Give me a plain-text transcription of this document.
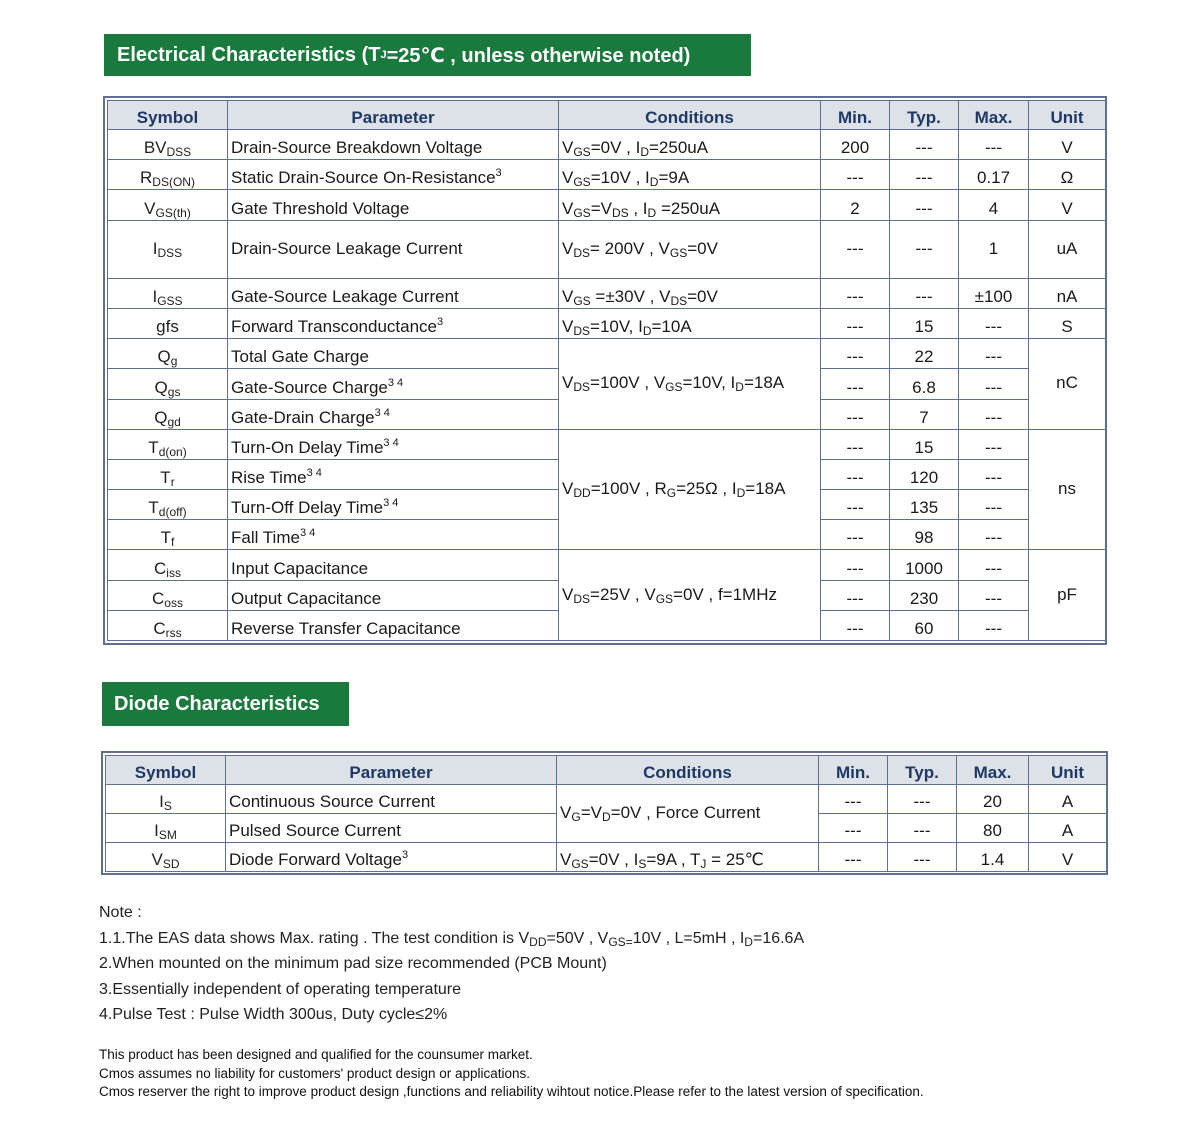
Electrical Characteristics (T J =25℃ , unless otherwise noted)
Symbol	Parameter	Conditions	Min.	Typ.	Max.	Unit
$BV_{DSS}$	Drain-Source Breakdown Voltage	$V_{GS}=0V$ , $I_D=250uA$	200	---	---	V
$R_{DS(ON)}$	Static Drain-Source On-Resistance$^3$	$V_{GS}=10V$ , $I_D=9A$	---	---	0.17	Ω
$V_{GS(th)}$	Gate Threshold Voltage	$V_{GS}=V_{DS}$ , $I_D =250uA$	2	---	4	V
$I_{DSS}$	Drain-Source Leakage Current	$V_{DS}= 200V$ , $V_{GS}=0V$	---	---	1	uA
$I_{GSS}$	Gate-Source Leakage Current	$V_{GS} =\pm 30V$ , $V_{DS}=0V$	---	---	±100	nA
gfs	Forward Transconductance$^3$	$V_{DS}=10V$, $I_D=10A$	---	15	---	S
$Q_g$	Total Gate Charge	$V_{DS}=100V$ , $V_{GS}=10V$, $I_D=18A$	---	22	---	nC
$Q_{gs}$	Gate-Source Charge$^{3 4}$		---	6.8	---	
$Q_{gd}$	Gate-Drain Charge$^{3 4}$		---	7	---	
$T_{d(on)}$	Turn-On Delay Time$^{3 4}$	$V_{DD}=100V$ , $R_G=25\Omega$ , $I_D=18A$	---	15	---	ns
$T_r$	Rise Time$^{3 4}$		---	120	---	
$T_{d(off)}$	Turn-Off Delay Time$^{3 4}$		---	135	---	
$T_f$	Fall Time$^{3 4}$		---	98	---	
$C_{iss}$	Input Capacitance	$V_{DS}=25V$ , $V_{GS}=0V$ , f=1MHz	---	1000	---	pF
$C_{oss}$	Output Capacitance		---	230	---	
$C_{rss}$	Reverse Transfer Capacitance		---	60	---	
Diode Characteristics
Symbol	Parameter	Conditions	Min.	Typ.	Max.	Unit
$I_S$	Continuous Source Current	$V_G=V_D=0V$ , Force Current	---	---	20	A
$I_{SM}$	Pulsed Source Current		---	---	80	A
$V_{SD}$	Diode Forward Voltage$^3$	$V_{GS}=0V$ , $I_S=9A$ , $T_J$ = 25℃	---	---	1.4	V
Note :
1.1.The EAS data shows Max. rating . The test condition is $V_{DD}=50V$ , $V_{GS=}10V$ , L=5mH , $I_D=16.6A$
2.When mounted on the minimum pad size recommended (PCB Mount)
3.Essentially independent of operating temperature
4.Pulse Test : Pulse Width 300us, Duty cycle≤2%
This product has been designed and qualified for the counsumer market.
Cmos assumes no liability for customers' product design or applications.
Cmos reserver the right to improve product design ,functions and reliability wihtout notice.Please refer to the latest version of specification.
